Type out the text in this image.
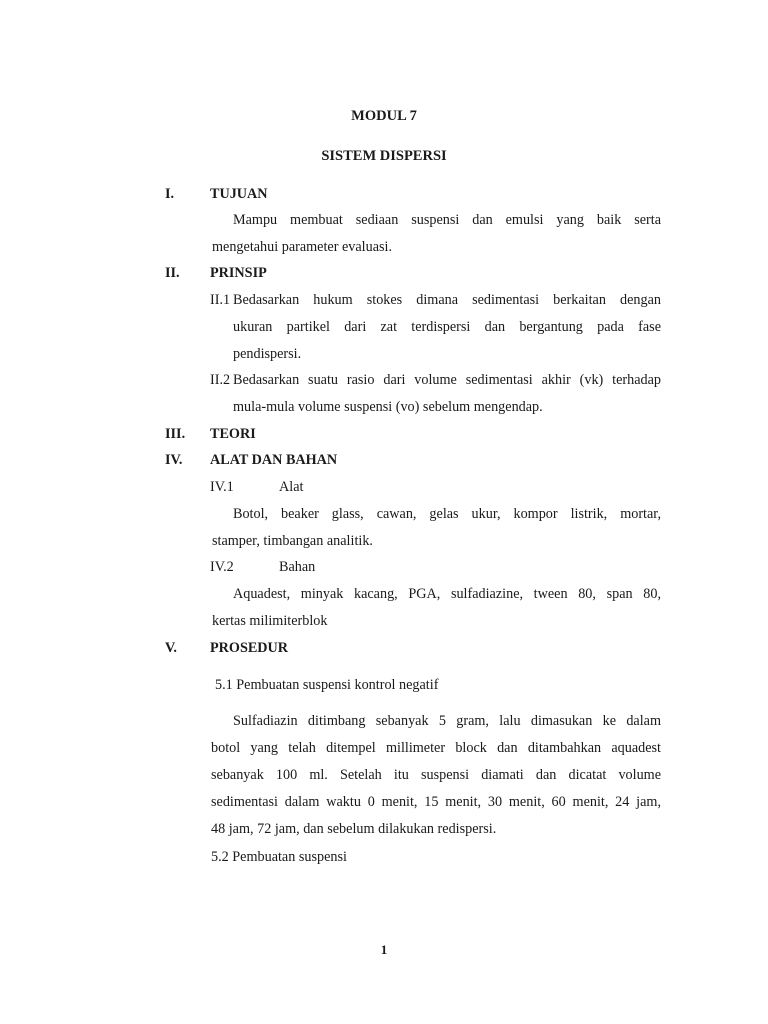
MODUL 7
SISTEM DISPERSI
I.	TUJUAN
Mampu membuat sediaan suspensi dan emulsi yang baik serta
mengetahui parameter evaluasi.
II. PRINSIP
II.1 Bedasarkan hukum stokes dimana sedimentasi berkaitan dengan
ukuran partikel dari zat terdispersi dan bergantung pada fase
pendispersi.
II.2 Bedasarkan suatu rasio dari volume sedimentasi akhir (vk) terhadap
mula-mula volume suspensi (vo) sebelum mengendap.
III. TEORI
IV. ALAT DAN BAHAN
IV.1	Alat
Botol, beaker glass, cawan, gelas ukur, kompor listrik, mortar,
stamper, timbangan analitik.
IV.2	Bahan
Aquadest, minyak kacang, PGA, sulfadiazine, tween 80, span 80,
kertas milimiterblok
V. PROSEDUR
5.1 Pembuatan suspensi kontrol negatif
Sulfadiazin ditimbang sebanyak 5 gram, lalu dimasukan ke dalam
botol yang telah ditempel millimeter block dan ditambahkan aquadest
sebanyak 100 ml. Setelah itu suspensi diamati dan dicatat volume
sedimentasi dalam waktu 0 menit, 15 menit, 30 menit, 60 menit, 24 jam,
48 jam, 72 jam, dan sebelum dilakukan redispersi.
5.2 Pembuatan suspensi
1
